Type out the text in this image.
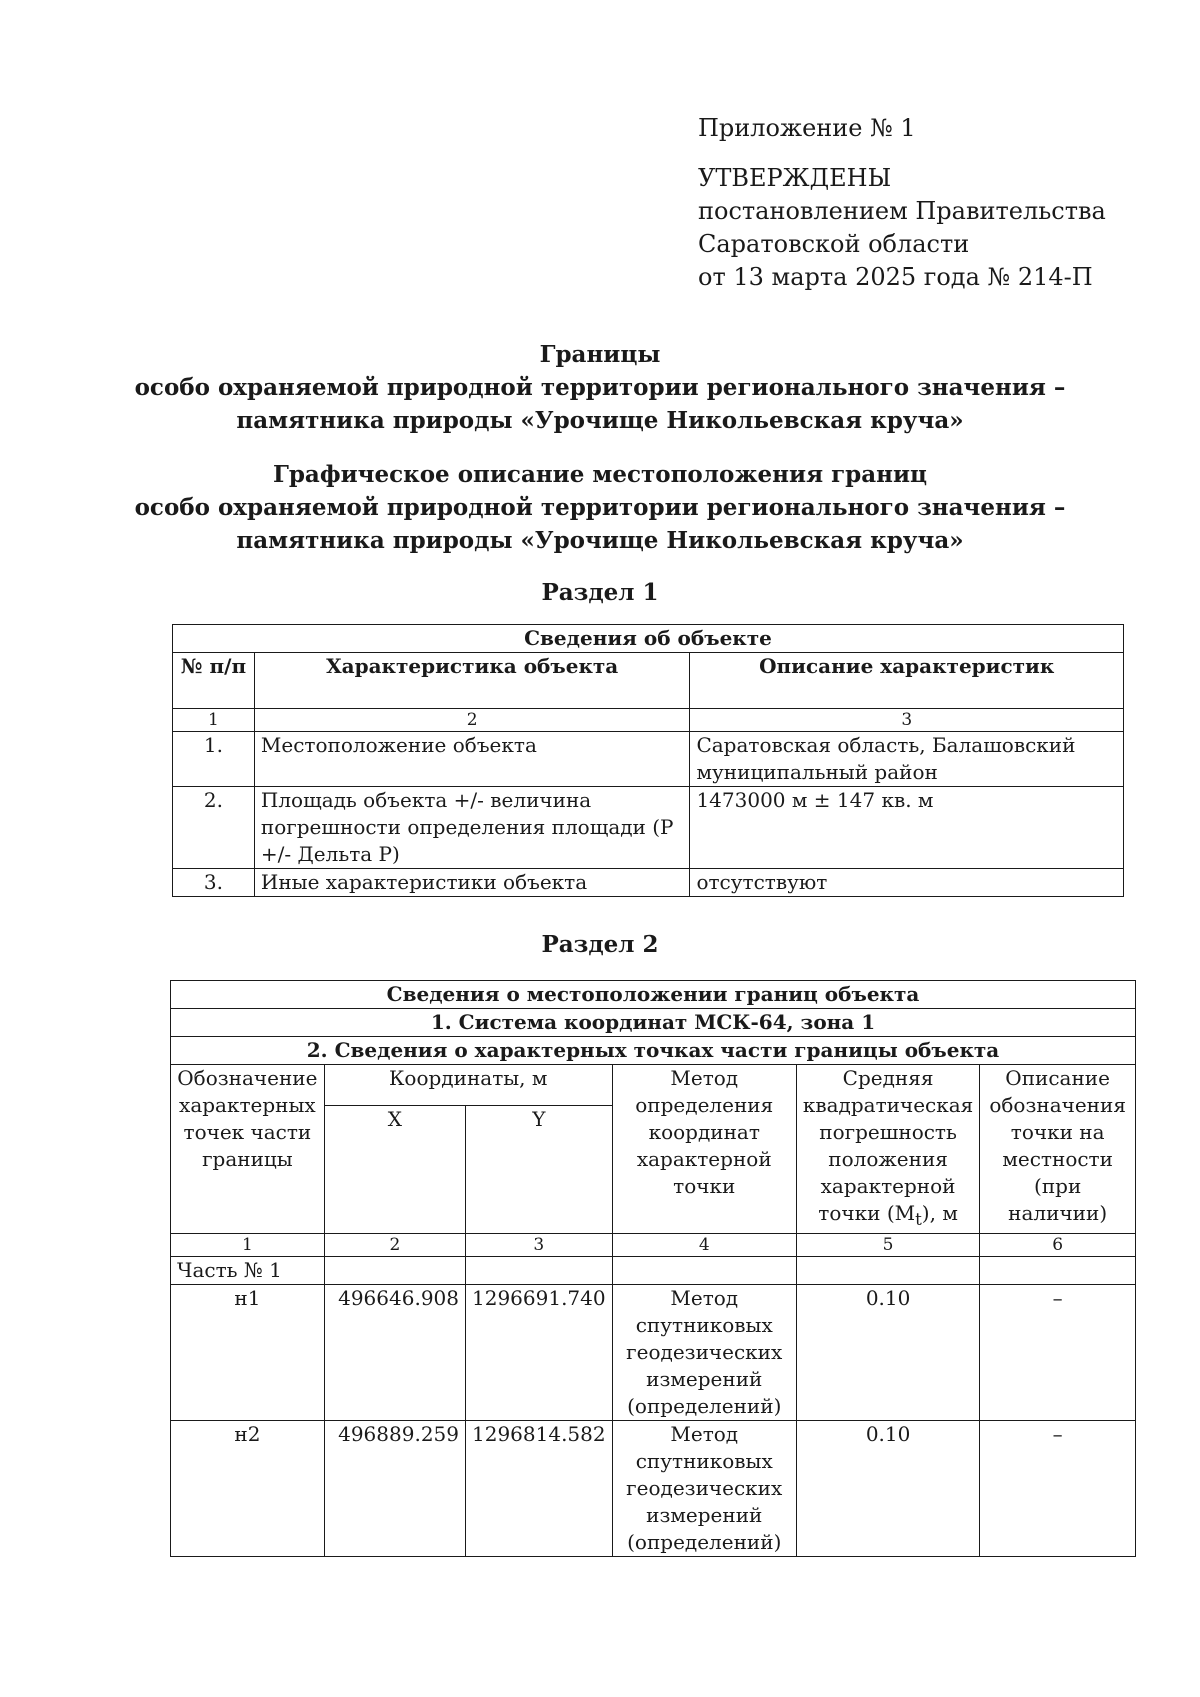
Приложение № 1
УТВЕРЖДЕНЫ
постановлением Правительства
Саратовской области
от 13 марта 2025 года № 214-П
Границы
особо охраняемой природной территории регионального значения –
памятника природы «Урочище Никольевская круча»
Графическое описание местоположения границ
особо охраняемой природной территории регионального значения –
памятника природы «Урочище Никольевская круча»
Раздел 1
Сведения об объекте		
№ п/п	Характеристика объекта	Описание характеристик
1	2	3
1.	Местоположение объекта	Саратовская область, Балашовский муниципальный район
2.	Площадь объекта +/- величина погрешности определения площади (Р +/- Дельта Р)	1473000 м ± 147 кв. м
3.	Иные характеристики объекта	отсутствуют
Раздел 2
Сведения о местоположении границ объекта					
1. Система координат МСК-64, зона 1					
2. Сведения о характерных точках части границы объекта					
Обозначение характерных точек части границы	Координаты, м		Метод определения координат характерной точки	Средняя квадратическая погрешность положения характерной точки $(M_t)$, м	Описание обозначения точки на местности (при наличии)
	X	Y			
1	2	3	4	5	6
Часть № 1					
н1	496646.908	1296691.740	Метод спутниковых геодезических измерений (определений)	0.10	–
н2	496889.259	1296814.582	Метод спутниковых геодезических измерений (определений)	0.10	–
